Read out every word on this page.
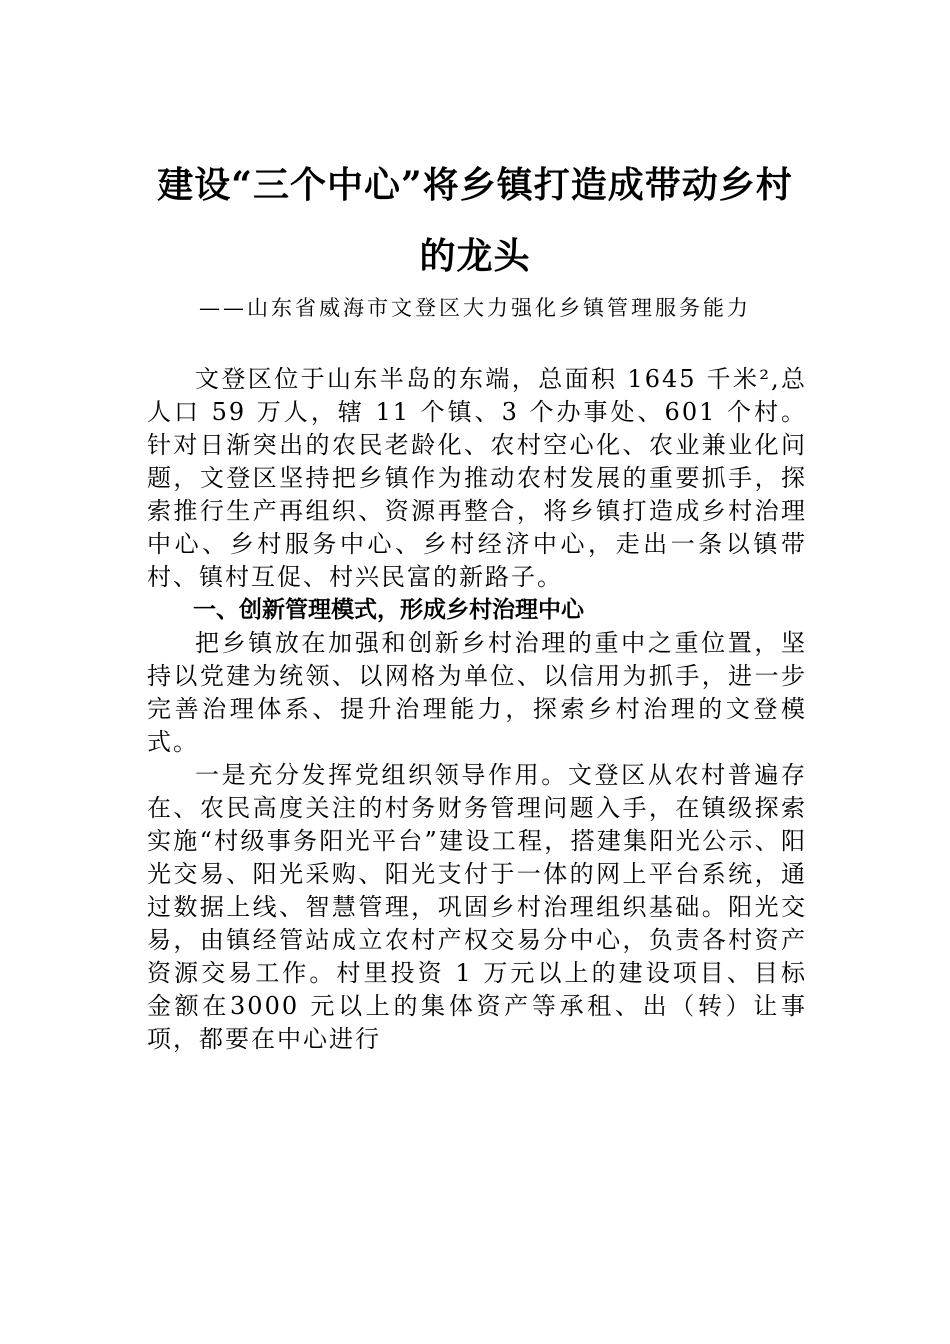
建设“三个中心”将乡镇打造成带动乡村
的龙头
——山东省威海市文登区大力强化乡镇管理服务能力

文登区位于山东半岛的东端，总面积 1645 千米²,总人口 59 万人，辖 11 个镇、3 个办事处、601 个村。针对日渐突出的农民老龄化、农村空心化、农业兼业化问题，文登区坚持把乡镇作为推动农村发展的重要抓手，探索推行生产再组织、资源再整合，将乡镇打造成乡村治理中心、乡村服务中心、乡村经济中心，走出一条以镇带村、镇村互促、村兴民富的新路子。

一、创新管理模式，形成乡村治理中心

把乡镇放在加强和创新乡村治理的重中之重位置，坚持以党建为统领、以网格为单位、以信用为抓手，进一步完善治理体系、提升治理能力，探索乡村治理的文登模式。

一是充分发挥党组织领导作用。文登区从农村普遍存在、农民高度关注的村务财务管理问题入手，在镇级探索实施“村级事务阳光平台”建设工程，搭建集阳光公示、阳光交易、阳光采购、阳光支付于一体的网上平台系统，通过数据上线、智慧管理，巩固乡村治理组织基础。阳光交易，由镇经管站成立农村产权交易分中心，负责各村资产资源交易工作。村里投资 1 万元以上的建设项目、目标金额在3000 元以上的集体资产等承租、出（转）让事项，都要在中心进行
